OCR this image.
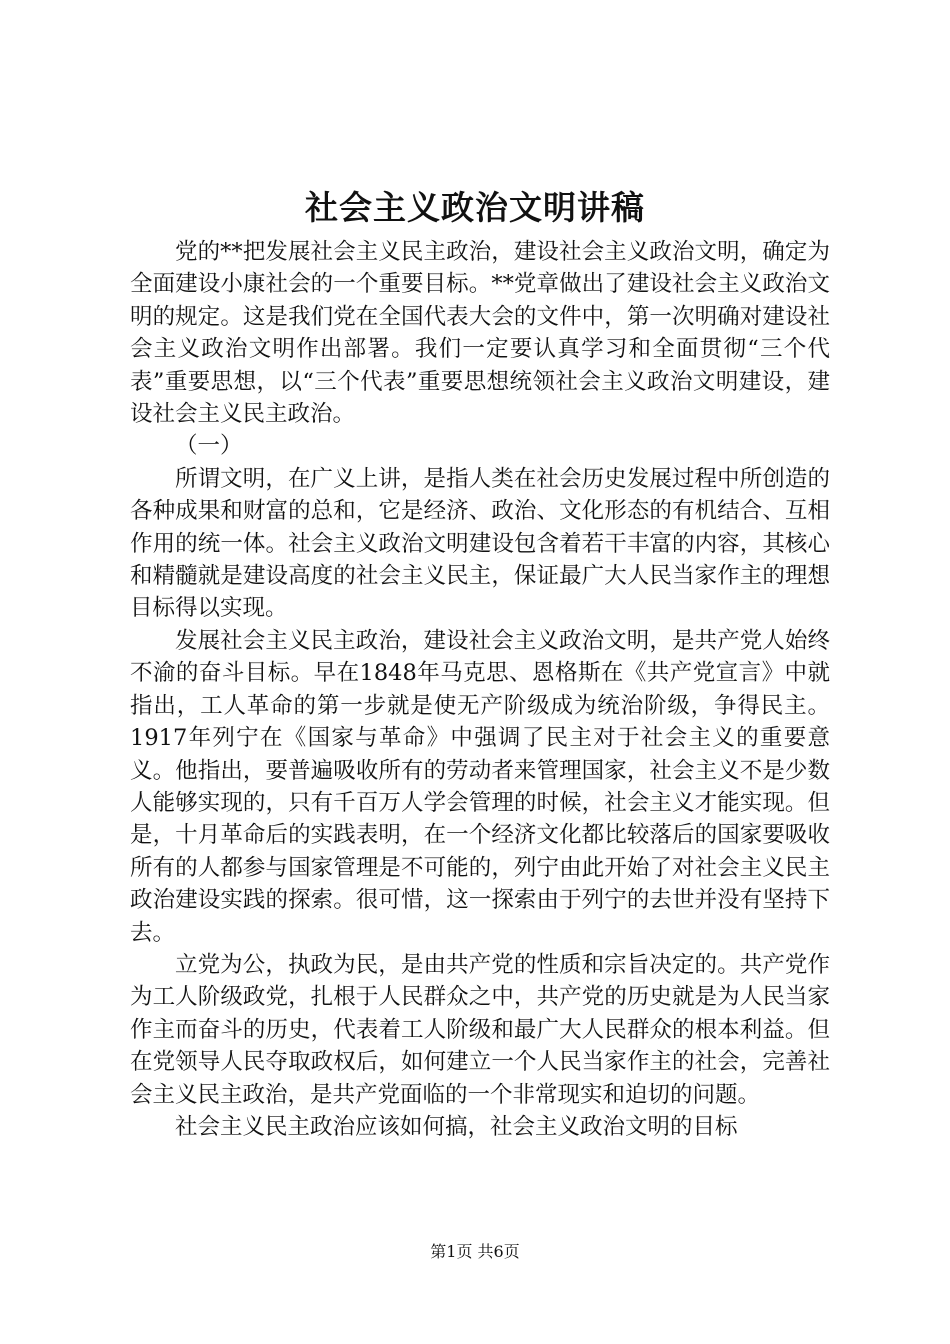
社会主义政治文明讲稿

党的**把发展社会主义民主政治，建设社会主义政治文明，确定为全面建设小康社会的一个重要目标。**党章做出了建设社会主义政治文明的规定。这是我们党在全国代表大会的文件中，第一次明确对建设社会主义政治文明作出部署。我们一定要认真学习和全面贯彻“三个代表”重要思想，以“三个代表”重要思想统领社会主义政治文明建设，建设社会主义民主政治。

（一）

所谓文明，在广义上讲，是指人类在社会历史发展过程中所创造的各种成果和财富的总和，它是经济、政治、文化形态的有机结合、互相作用的统一体。社会主义政治文明建设包含着若干丰富的内容，其核心和精髓就是建设高度的社会主义民主，保证最广大人民当家作主的理想目标得以实现。

发展社会主义民主政治，建设社会主义政治文明，是共产党人始终不渝的奋斗目标。早在1848年马克思、恩格斯在《共产党宣言》中就指出，工人革命的第一步就是使无产阶级成为统治阶级，争得民主。1917年列宁在《国家与革命》中强调了民主对于社会主义的重要意义。他指出，要普遍吸收所有的劳动者来管理国家，社会主义不是少数人能够实现的，只有千百万人学会管理的时候，社会主义才能实现。但是，十月革命后的实践表明，在一个经济文化都比较落后的国家要吸收所有的人都参与国家管理是不可能的，列宁由此开始了对社会主义民主政治建设实践的探索。很可惜，这一探索由于列宁的去世并没有坚持下去。

立党为公，执政为民，是由共产党的性质和宗旨决定的。共产党作为工人阶级政党，扎根于人民群众之中，共产党的历史就是为人民当家作主而奋斗的历史，代表着工人阶级和最广大人民群众的根本利益。但在党领导人民夺取政权后，如何建立一个人民当家作主的社会，完善社会主义民主政治，是共产党面临的一个非常现实和迫切的问题。

社会主义民主政治应该如何搞，社会主义政治文明的目标

第1页 共6页
